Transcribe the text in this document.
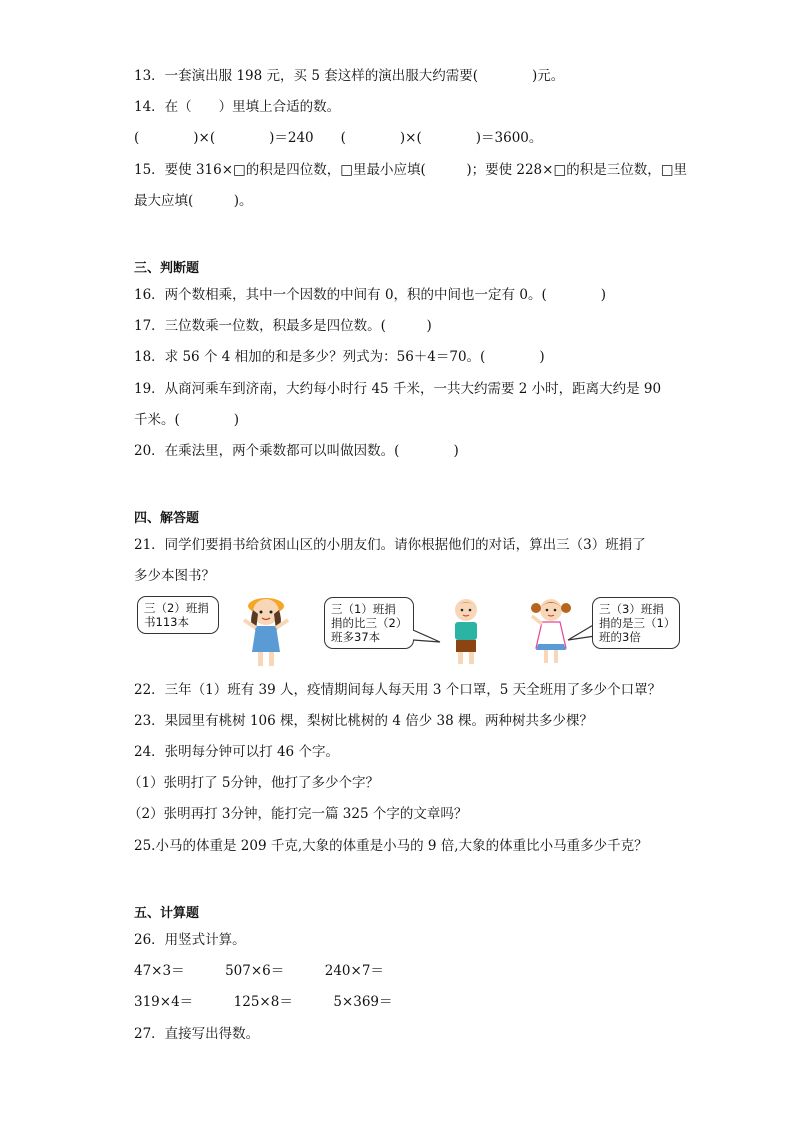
13．一套演出服 198 元，买 5 套这样的演出服大约需要(　　　　)元。
14．在（　　）里填上合适的数。
(　　　　)×(　　　　)＝240　　(　　　　)×(　　　　)＝3600。
15．要使 316×□的积是四位数，□里最小应填(　　　)；要使 228×□的积是三位数，□里
最大应填(　　　)。
三、判断题
16．两个数相乘，其中一个因数的中间有 0，积的中间也一定有 0。(　　　　)
17．三位数乘一位数，积最多是四位数。(　　　)
18．求 56 个 4 相加的和是多少？列式为：56＋4＝70。(　　　　)
19．从商河乘车到济南，大约每小时行 45 千米，一共大约需要 2 小时，距离大约是 90
千米。(　　　　)
20．在乘法里，两个乘数都可以叫做因数。(　　　　)
四、解答题
21．同学们要捐书给贫困山区的小朋友们。请你根据他们的对话，算出三（3）班捐了
多少本图书？
三（2）班捐
书113本
三（1）班捐
捐的比三（2）
班多37本
三（3）班捐
捐的是三（1）
班的3倍
22．三年（1）班有 39 人，疫情期间每人每天用 3 个口罩，5 天全班用了多少个口罩？
23．果园里有桃树 106 棵，梨树比桃树的 4 倍少 38 棵。两种树共多少棵？
24．张明每分钟可以打 46 个字。
（1）张明打了 5分钟，他打了多少个字？
（2）张明再打 3分钟，能打完一篇 325 个字的文章吗？
25.小马的体重是 209 千克,大象的体重是小马的 9 倍,大象的体重比小马重多少千克？
五、计算题
26．用竖式计算。
47×3＝　　　507×6＝　　　240×7＝
319×4＝　　　125×8＝　　　5×369＝
27．直接写出得数。
